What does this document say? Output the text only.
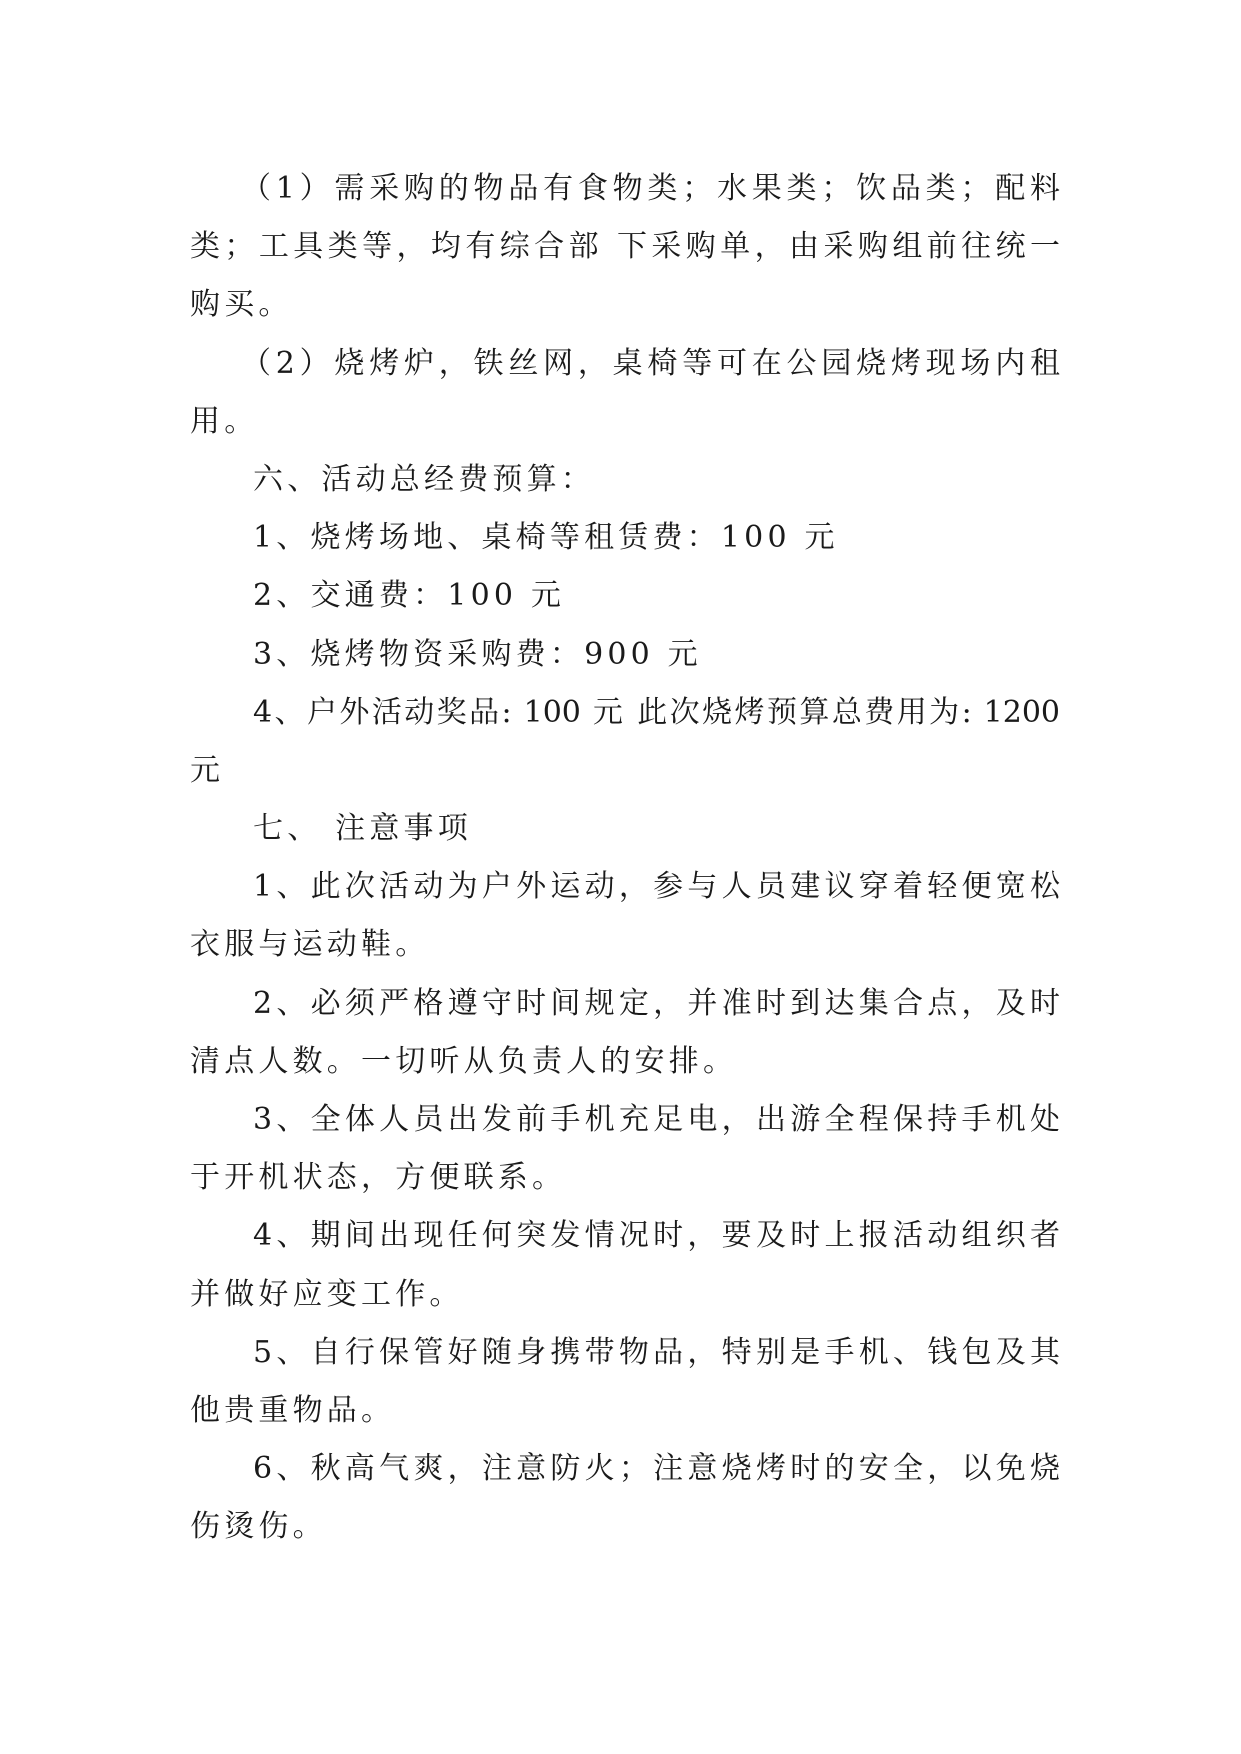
（1）需采购的物品有食物类；水果类；饮品类；配料
类；工具类等，均有综合部 下采购单，由采购组前往统一
购买。
（2）烧烤炉，铁丝网，桌椅等可在公园烧烤现场内租
用。
六、活动总经费预算：
1、烧烤场地、桌椅等租赁费：100 元
2、交通费：100 元
3、烧烤物资采购费：900 元
4、户外活动奖品: 100 元 此次烧烤预算总费用为: 1200
元
七、 注意事项
1、此次活动为户外运动，参与人员建议穿着轻便宽松
衣服与运动鞋。
2、必须严格遵守时间规定，并准时到达集合点，及时
清点人数。一切听从负责人的安排。
3、全体人员出发前手机充足电，出游全程保持手机处
于开机状态，方便联系。
4、期间出现任何突发情况时，要及时上报活动组织者
并做好应变工作。
5、自行保管好随身携带物品，特别是手机、钱包及其
他贵重物品。
6、秋高气爽，注意防火；注意烧烤时的安全，以免烧
伤烫伤。
